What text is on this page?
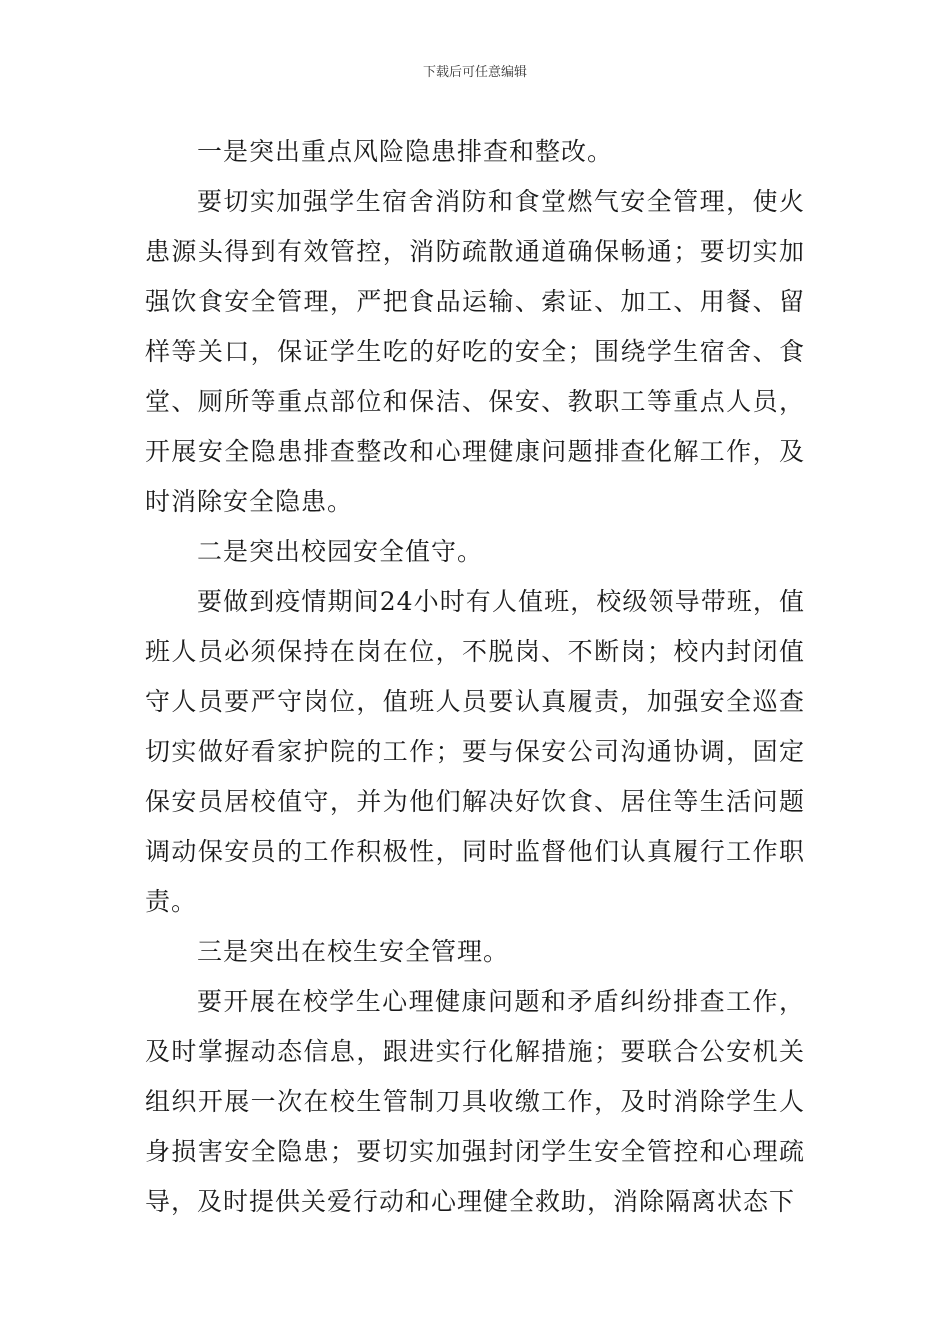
下载后可任意编辑

一是突出重点风险隐患排查和整改。

要切实加强学生宿舍消防和食堂燃气安全管理，使火患源头得到有效管控，消防疏散通道确保畅通；要切实加强饮食安全管理，严把食品运输、索证、加工、用餐、留样等关口，保证学生吃的好吃的安全；围绕学生宿舍、食堂、厕所等重点部位和保洁、保安、教职工等重点人员，开展安全隐患排查整改和心理健康问题排查化解工作，及时消除安全隐患。

二是突出校园安全值守。

要做到疫情期间24小时有人值班，校级领导带班，值班人员必须保持在岗在位，不脱岗、不断岗；校内封闭值守人员要严守岗位，值班人员要认真履责，加强安全巡查切实做好看家护院的工作；要与保安公司沟通协调，固定保安员居校值守，并为他们解决好饮食、居住等生活问题调动保安员的工作积极性，同时监督他们认真履行工作职责。

三是突出在校生安全管理。

要开展在校学生心理健康问题和矛盾纠纷排查工作，及时掌握动态信息，跟进实行化解措施；要联合公安机关组织开展一次在校生管制刀具收缴工作，及时消除学生人身损害安全隐患；要切实加强封闭学生安全管控和心理疏导，及时提供关爱行动和心理健全救助，消除隔离状态下
